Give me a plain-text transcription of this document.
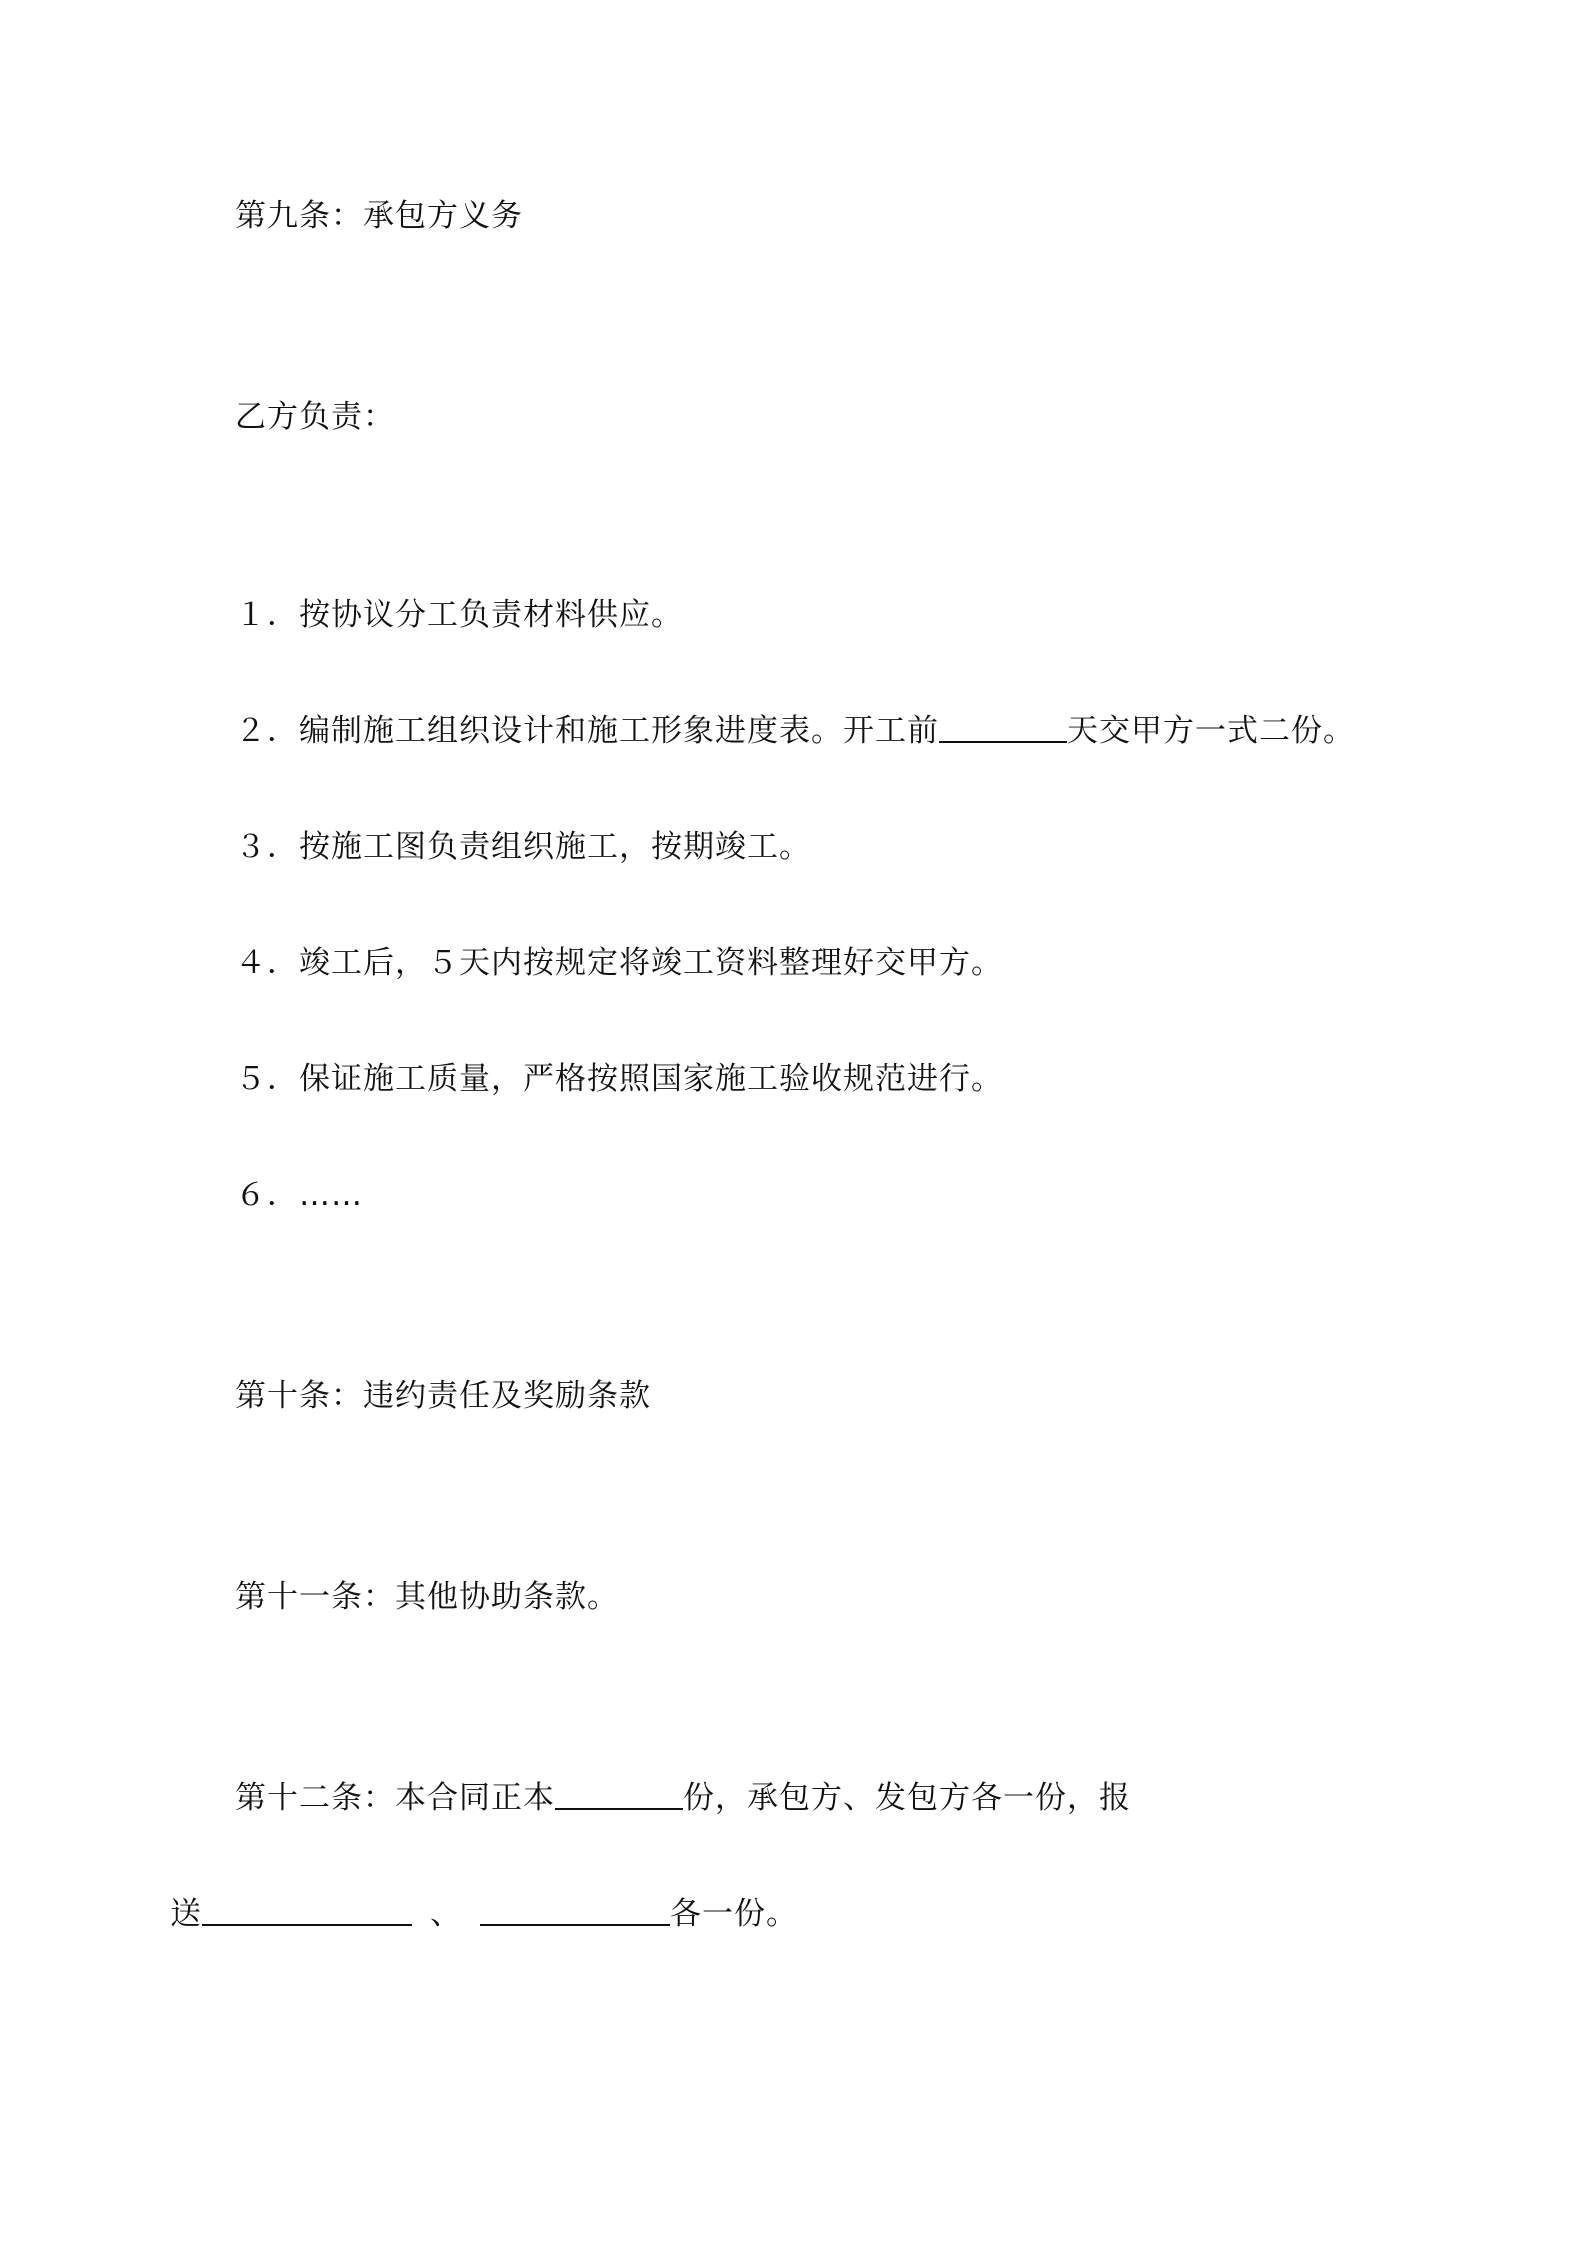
第九条：承包方义务
乙方负责：
１．按协议分工负责材料供应。
２．编制施工组织设计和施工形象进度表。开工前	天交甲方一式二份。
３．按施工图负责组织施工，按期竣工。
４．竣工后，５天内按规定将竣工资料整理好交甲方。
５．保证施工质量，严格按照国家施工验收规范进行。
６．……
第十条：违约责任及奖励条款
第十一条：其他协助条款。
第十二条：本合同正本	份，承包方、发包方各一份，报
送	、	各一份。
